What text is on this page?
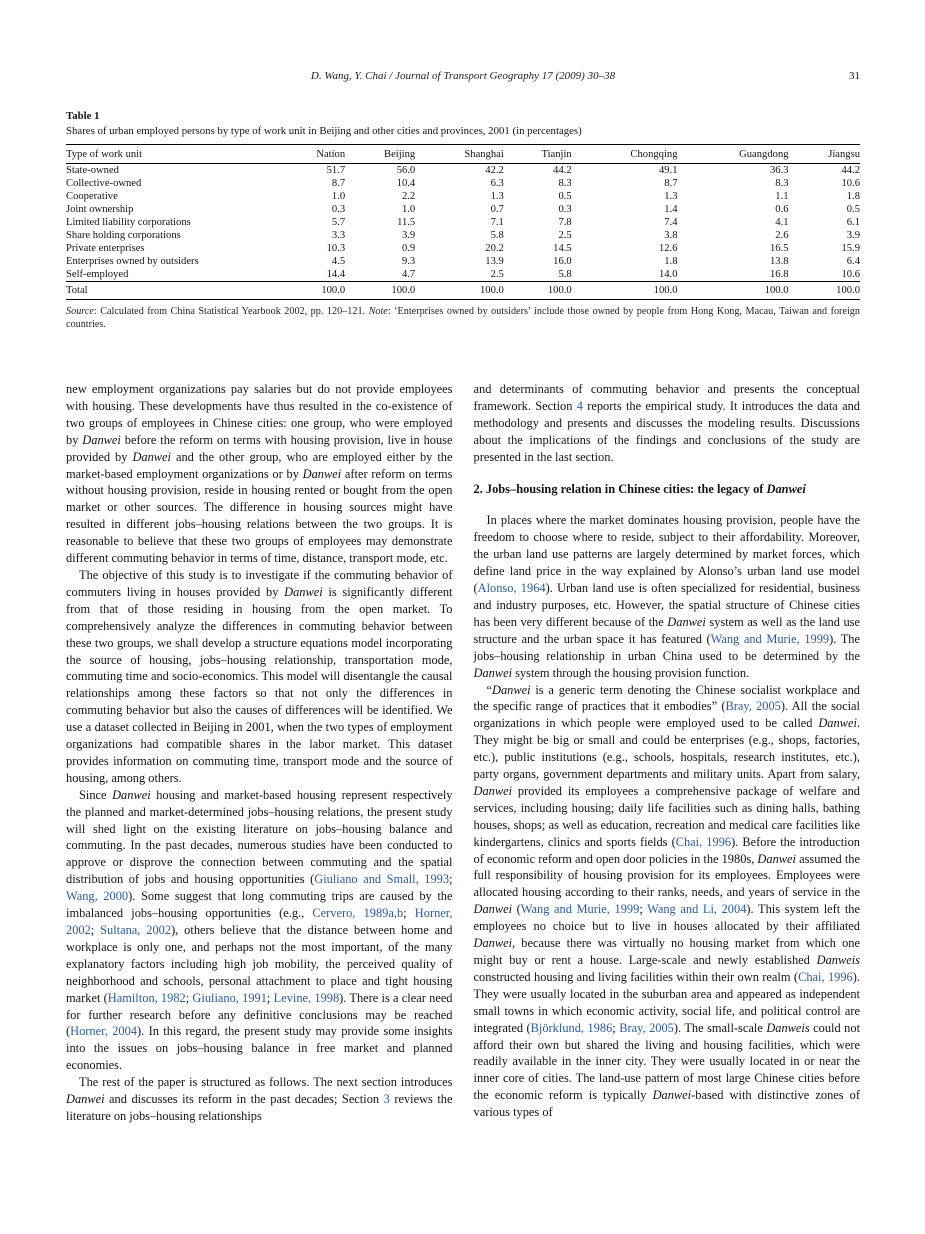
D. Wang, Y. Chai / Journal of Transport Geography 17 (2009) 30–38	31
Table 1
Shares of urban employed persons by type of work unit in Beijing and other cities and provinces, 2001 (in percentages)
Type of work unit	Nation	Beijing	Shanghai	Tianjin	Chongqing	Guangdong	Jiangsu
State-owned	51.7	56.0	42.2	44.2	49.1	36.3	44.2
Collective-owned	8.7	10.4	6.3	8.3	8.7	8.3	10.6
Cooperative	1.0	2.2	1.3	0.5	1.3	1.1	1.8
Joint ownership	0.3	1.0	0.7	0.3	1.4	0.6	0.5
Limited liability corporations	5.7	11.5	7.1	7.8	7.4	4.1	6.1
Share holding corporations	3.3	3.9	5.8	2.5	3.8	2.6	3.9
Private enterprises	10.3	0.9	20.2	14.5	12.6	16.5	15.9
Enterprises owned by outsiders	4.5	9.3	13.9	16.0	1.8	13.8	6.4
Self-employed	14.4	4.7	2.5	5.8	14.0	16.8	10.6
Total	100.0	100.0	100.0	100.0	100.0	100.0	100.0
Source: Calculated from China Statistical Yearbook 2002, pp. 120–121. Note: ‘Enterprises owned by outsiders’ include those owned by people from Hong Kong, Macau, Taiwan and foreign countries.

new employment organizations pay salaries but do not provide employees with housing. These developments have thus resulted in the co-existence of two groups of employees in Chinese cities: one group, who were employed by Danwei before the reform on terms with housing provision, live in house provided by Danwei and the other group, who are employed either by the market-based employment organizations or by Danwei after reform on terms without housing provision, reside in housing rented or bought from the open market or other sources. The difference in housing sources might have resulted in different jobs–housing relations between the two groups. It is reasonable to believe that these two groups of employees may demonstrate different commuting behavior in terms of time, distance, transport mode, etc.

The objective of this study is to investigate if the commuting behavior of commuters living in houses provided by Danwei is significantly different from that of those residing in housing from the open market. To comprehensively analyze the differences in commuting behavior between these two groups, we shall develop a structure equations model incorporating the source of housing, jobs–housing relationship, transportation mode, commuting time and socio-economics. This model will disentangle the causal relationships among these factors so that not only the differences in commuting behavior but also the causes of differences will be identified. We use a dataset collected in Beijing in 2001, when the two types of employment organizations had compatible shares in the labor market. This dataset provides information on commuting time, transport mode and the source of housing, among others.

Since Danwei housing and market-based housing represent respectively the planned and market-determined jobs–housing relations, the present study will shed light on the existing literature on jobs–housing balance and commuting. In the past decades, numerous studies have been conducted to approve or disprove the connection between commuting and the spatial distribution of jobs and housing opportunities (Giuliano and Small, 1993; Wang, 2000). Some suggest that long commuting trips are caused by the imbalanced jobs–housing opportunities (e.g., Cervero, 1989a,b; Horner, 2002; Sultana, 2002), others believe that the distance between home and workplace is only one, and perhaps not the most important, of the many explanatory factors including high job mobility, the perceived quality of neighborhood and schools, personal attachment to place and tight housing market (Hamilton, 1982; Giuliano, 1991; Levine, 1998). There is a clear need for further research before any definitive conclusions may be reached (Horner, 2004). In this regard, the present study may provide some insights into the issues on jobs–housing balance in free market and planned economies.

The rest of the paper is structured as follows. The next section introduces Danwei and discusses its reform in the past decades; Section 3 reviews the literature on jobs–housing relationships

and determinants of commuting behavior and presents the conceptual framework. Section 4 reports the empirical study. It introduces the data and methodology and presents and discusses the modeling results. Discussions about the implications of the findings and conclusions of the study are presented in the last section.

2. Jobs–housing relation in Chinese cities: the legacy of Danwei

In places where the market dominates housing provision, people have the freedom to choose where to reside, subject to their affordability. Moreover, the urban land use patterns are largely determined by market forces, which define land price in the way explained by Alonso’s urban land use model (Alonso, 1964). Urban land use is often specialized for residential, business and industry purposes, etc. However, the spatial structure of Chinese cities has been very different because of the Danwei system as well as the land use structure and the urban space it has featured (Wang and Murie, 1999). The jobs–housing relationship in urban China used to be determined by the Danwei system through the housing provision function.

“Danwei is a generic term denoting the Chinese socialist workplace and the specific range of practices that it embodies” (Bray, 2005). All the social organizations in which people were employed used to be called Danwei. They might be big or small and could be enterprises (e.g., shops, factories, etc.), public institutions (e.g., schools, hospitals, research institutes, etc.), party organs, government departments and military units. Apart from salary, Danwei provided its employees a comprehensive package of welfare and services, including housing; daily life facilities such as dining halls, bathing houses, shops; as well as education, recreation and medical care facilities like kindergartens, clinics and sports fields (Chai, 1996). Before the introduction of economic reform and open door policies in the 1980s, Danwei assumed the full responsibility of housing provision for its employees. Employees were allocated housing according to their ranks, needs, and years of service in the Danwei (Wang and Murie, 1999; Wang and Li, 2004). This system left the employees no choice but to live in houses allocated by their affiliated Danwei, because there was virtually no housing market from which one might buy or rent a house. Large-scale and newly established Danweis constructed housing and living facilities within their own realm (Chai, 1996). They were usually located in the suburban area and appeared as independent small towns in which economic activity, social life, and political control are integrated (Björklund, 1986; Bray, 2005). The small-scale Danweis could not afford their own but shared the living and housing facilities, which were readily available in the inner city. They were usually located in or near the inner core of cities. The land-use pattern of most large Chinese cities before the economic reform is typically Danwei-based with distinctive zones of various types of
